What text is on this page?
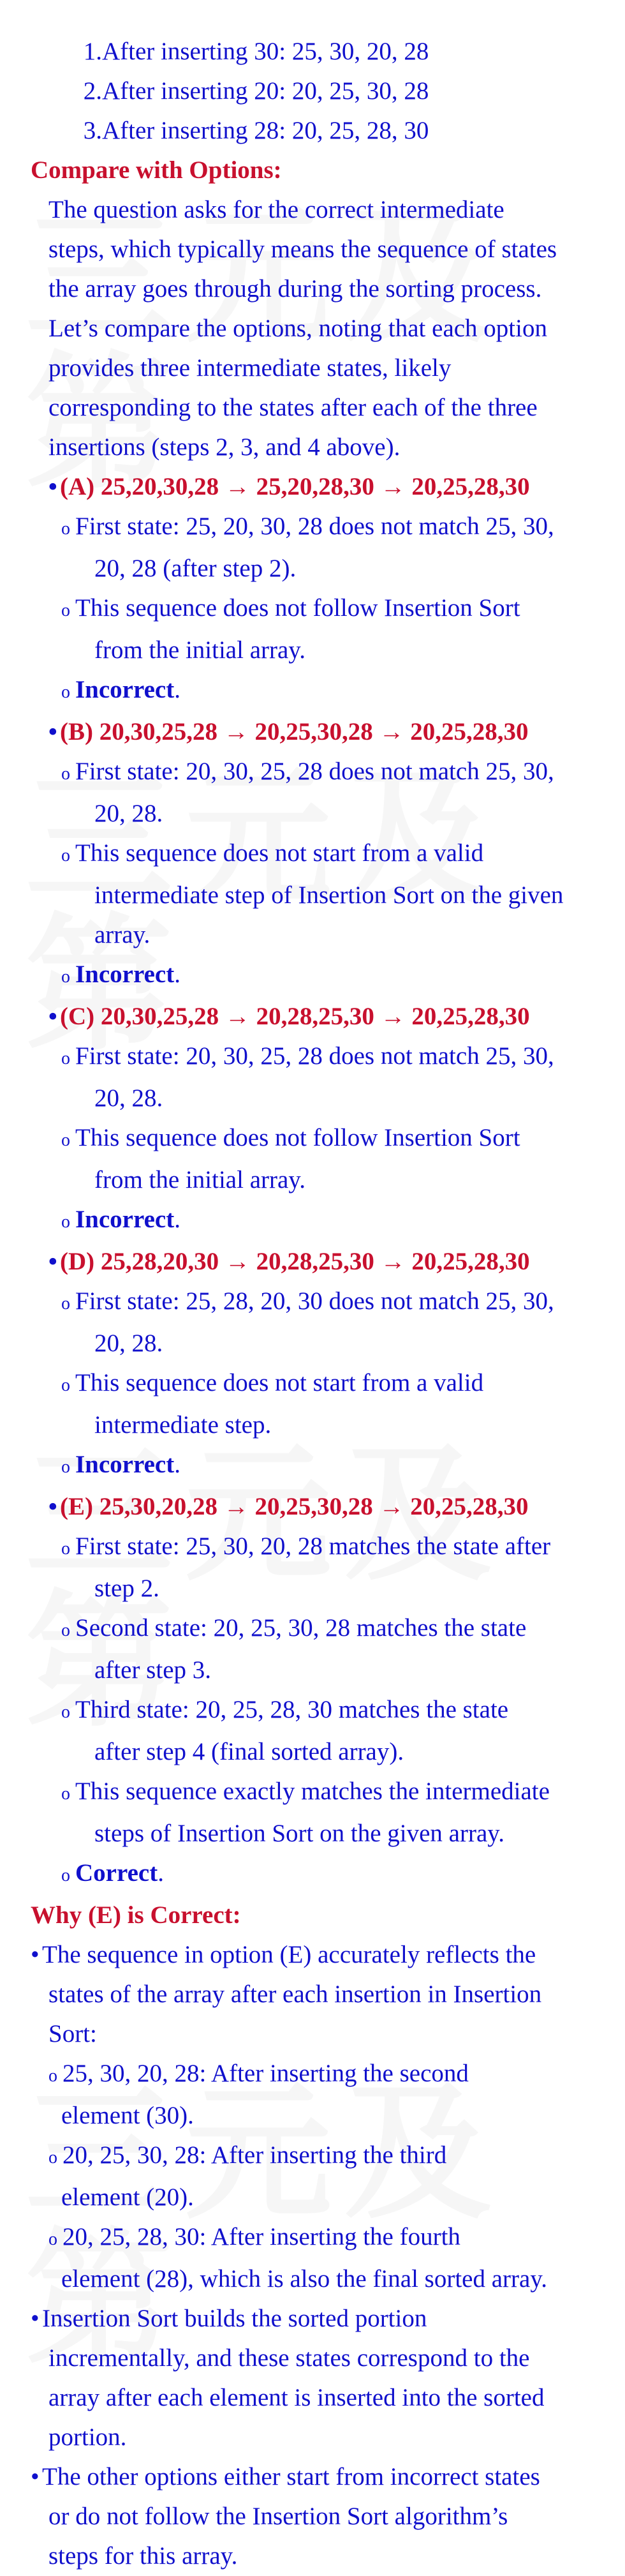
1.After inserting 30: 25, 30, 20, 28
2.After inserting 20: 20, 25, 30, 28
3.After inserting 28: 20, 25, 28, 30
Compare with Options:
The question asks for the correct intermediate
steps, which typically means the sequence of states
the array goes through during the sorting process.
Let’s compare the options, noting that each option
provides three intermediate states, likely
corresponding to the states after each of the three
insertions (steps 2, 3, and 4 above).
• (A) 25,20,30,28 → 25,20,28,30 → 20,25,28,30
o First state: 25, 20, 30, 28 does not match 25, 30,
20, 28 (after step 2).
o This sequence does not follow Insertion Sort
from the initial array.
o Incorrect.
• (B) 20,30,25,28 → 20,25,30,28 → 20,25,28,30
o First state: 20, 30, 25, 28 does not match 25, 30,
20, 28.
o This sequence does not start from a valid
intermediate step of Insertion Sort on the given
array.
o Incorrect.
• (C) 20,30,25,28 → 20,28,25,30 → 20,25,28,30
o First state: 20, 30, 25, 28 does not match 25, 30,
20, 28.
o This sequence does not follow Insertion Sort
from the initial array.
o Incorrect.
• (D) 25,28,20,30 → 20,28,25,30 → 20,25,28,30
o First state: 25, 28, 20, 30 does not match 25, 30,
20, 28.
o This sequence does not start from a valid
intermediate step.
o Incorrect.
• (E) 25,30,20,28 → 20,25,30,28 → 20,25,28,30
o First state: 25, 30, 20, 28 matches the state after
step 2.
o Second state: 20, 25, 30, 28 matches the state
after step 3.
o Third state: 20, 25, 28, 30 matches the state
after step 4 (final sorted array).
o This sequence exactly matches the intermediate
steps of Insertion Sort on the given array.
o Correct.
Why (E) is Correct:
• The sequence in option (E) accurately reflects the
states of the array after each insertion in Insertion
Sort:
o 25, 30, 20, 28: After inserting the second
element (30).
o 20, 25, 30, 28: After inserting the third
element (20).
o 20, 25, 28, 30: After inserting the fourth
element (28), which is also the final sorted array.
• Insertion Sort builds the sorted portion
incrementally, and these states correspond to the
array after each element is inserted into the sorted
portion.
• The other options either start from incorrect states
or do not follow the Insertion Sort algorithm’s
steps for this array.
